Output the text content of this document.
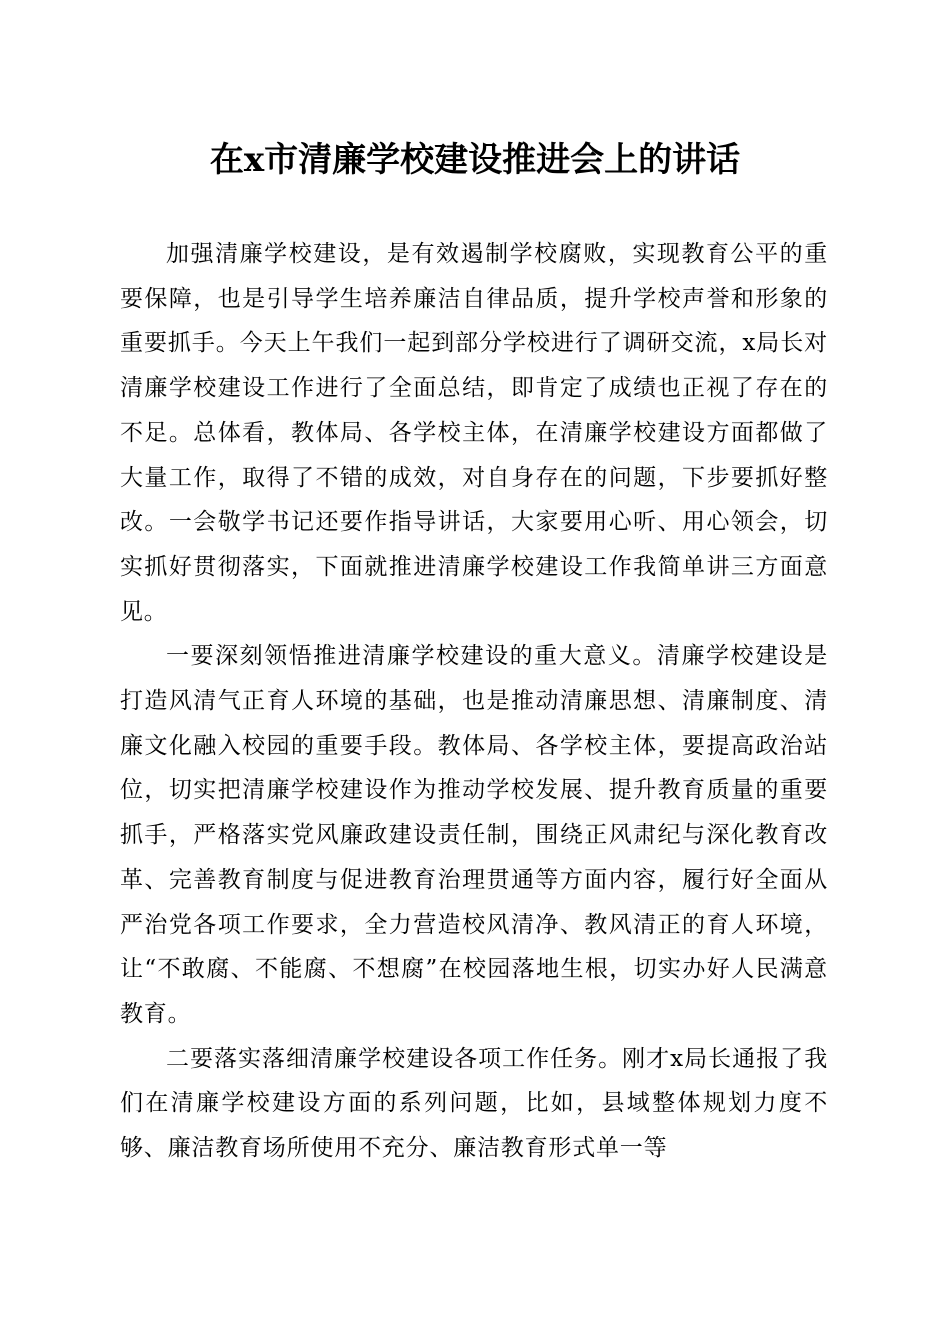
在x市清廉学校建设推进会上的讲话

加强清廉学校建设，是有效遏制学校腐败，实现教育公平的重要保障，也是引导学生培养廉洁自律品质，提升学校声誉和形象的重要抓手。今天上午我们一起到部分学校进行了调研交流，x局长对清廉学校建设工作进行了全面总结，即肯定了成绩也正视了存在的不足。总体看，教体局、各学校主体，在清廉学校建设方面都做了大量工作，取得了不错的成效，对自身存在的问题，下步要抓好整改。一会敬学书记还要作指导讲话，大家要用心听、用心领会，切实抓好贯彻落实，下面就推进清廉学校建设工作我简单讲三方面意见。

一要深刻领悟推进清廉学校建设的重大意义。清廉学校建设是打造风清气正育人环境的基础，也是推动清廉思想、清廉制度、清廉文化融入校园的重要手段。教体局、各学校主体，要提高政治站位，切实把清廉学校建设作为推动学校发展、提升教育质量的重要抓手，严格落实党风廉政建设责任制，围绕正风肃纪与深化教育改革、完善教育制度与促进教育治理贯通等方面内容，履行好全面从严治党各项工作要求，全力营造校风清净、教风清正的育人环境，让“不敢腐、不能腐、不想腐”在校园落地生根，切实办好人民满意教育。

二要落实落细清廉学校建设各项工作任务。刚才x局长通报了我们在清廉学校建设方面的系列问题，比如，县域整体规划力度不够、廉洁教育场所使用不充分、廉洁教育形式单一等
